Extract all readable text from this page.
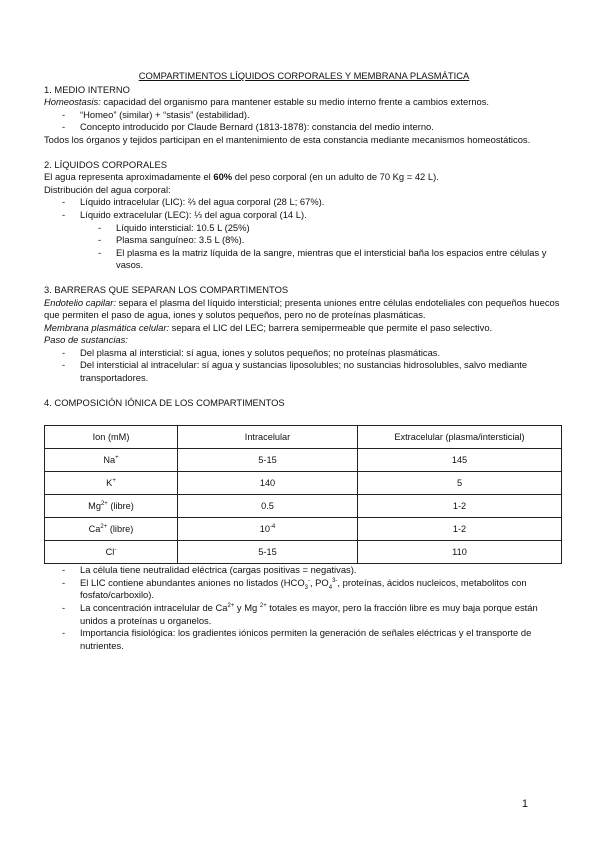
COMPARTIMENTOS LÍQUIDOS CORPORALES Y MEMBRANA PLASMÁTICA

1. MEDIO INTERNO

Homeostasis: capacidad del organismo para mantener estable su medio interno frente a cambios externos.

- “Homeo” (similar) + “stasis” (estabilidad).
- Concepto introducido por Claude Bernard (1813-1878): constancia del medio interno.

Todos los órganos y tejidos participan en el mantenimiento de esta constancia mediante mecanismos homeostáticos.

2. LÍQUIDOS CORPORALES

El agua representa aproximadamente el 60% del peso corporal (en un adulto de 70 Kg = 42 L).

Distribución del agua corporal:

- Líquido intracelular (LIC): ⅔ del agua corporal (28 L; 67%).
- Líquido extracelular (LEC): ⅓ del agua corporal (14 L).
- Líquido intersticial: 10.5 L (25%)
- Plasma sanguíneo: 3.5 L (8%).
- El plasma es la matriz líquida de la sangre, mientras que el intersticial baña los espacios entre células y vasos.

3. BARRERAS QUE SEPARAN LOS COMPARTIMENTOS

Endotelio capilar: separa el plasma del líquido intersticial; presenta uniones entre células endoteliales con pequeños huecos que permiten el paso de agua, iones y solutos pequeños, pero no de proteínas plasmáticas.

Membrana plasmática celular: separa el LIC del LEC; barrera semipermeable que permite el paso selectivo.

Paso de sustancias:

- Del plasma al intersticial: sí agua, iones y solutos pequeños; no proteínas plasmáticas.
- Del intersticial al intracelular: sí agua y sustancias liposolubles; no sustancias hidrosolubles, salvo mediante transportadores.

4. COMPOSICIÓN IÓNICA DE LOS COMPARTIMENTOS

Ion (mM)	Intracelular	Extracelular (plasma/intersticial)
Na+	5-15	145
K+	140	5
$Mg^{2+}$ (libre)	0.5	1-2
$Ca^{2+}$ (libre)	$10^{-4}$	1-2
Cl-	5-15	110
- La célula tiene neutralidad eléctrica (cargas positivas = negativas).
- El LIC contiene abundantes aniones no listados ($HCO_3^-$, $PO_4^{3-}$, proteínas, ácidos nucleicos, metabolitos con fosfato/carboxilo).
- La concentración intracelular de $Ca^{2+}$ y Mg $^{2+}$ totales es mayor, pero la fracción libre es muy baja porque están unidos a proteínas u organelos.
- Importancia fisiológica: los gradientes iónicos permiten la generación de señales eléctricas y el transporte de nutrientes.
1
